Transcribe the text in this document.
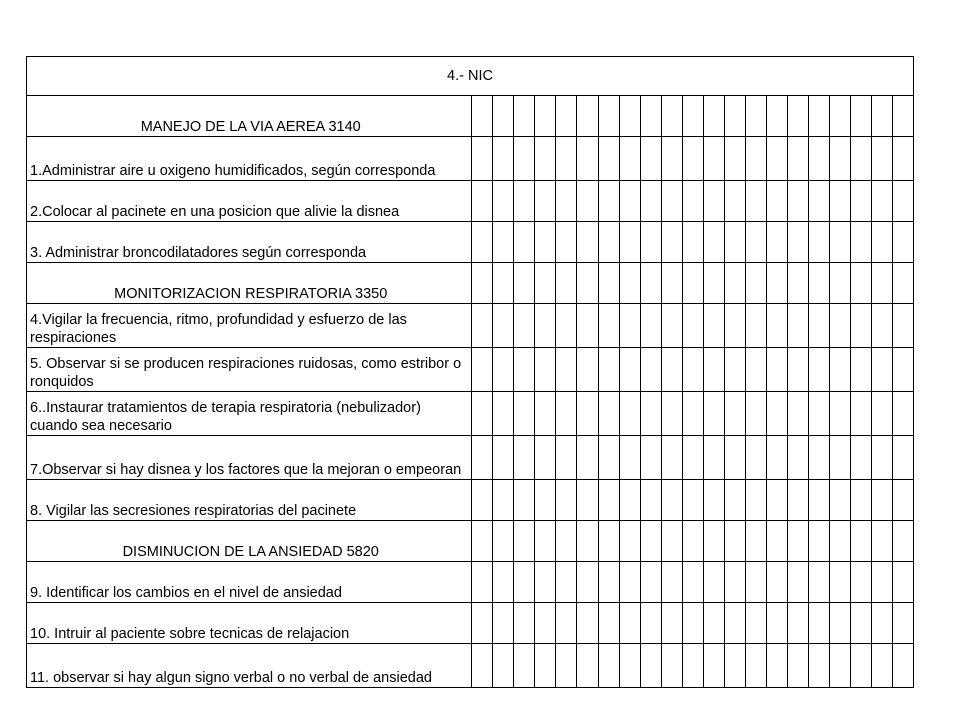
4.- NIC																					
MANEJO DE LA VIA AEREA 3140																					
1.Administrar aire u oxigeno humidificados, según corresponda																					
2.Colocar al pacinete en una posicion que alivie la disnea																					
3. Administrar broncodilatadores según corresponda																					
MONITORIZACION RESPIRATORIA 3350																					
4.Vigilar la frecuencia, ritmo, profundidad y esfuerzo de las respiraciones																					
5. Observar si se producen respiraciones ruidosas, como estribor o ronquidos																					
6..Instaurar tratamientos de terapia respiratoria (nebulizador) cuando sea necesario																					
7.Observar si hay disnea y los factores que la mejoran o empeoran																					
8. Vigilar las secresiones respiratorias del pacinete																					
DISMINUCION DE LA ANSIEDAD 5820																					
9. Identificar los cambios en el nivel de ansiedad																					
10. Intruir al paciente sobre tecnicas de relajacion																					
11. observar si hay algun signo verbal o no verbal de ansiedad																					
